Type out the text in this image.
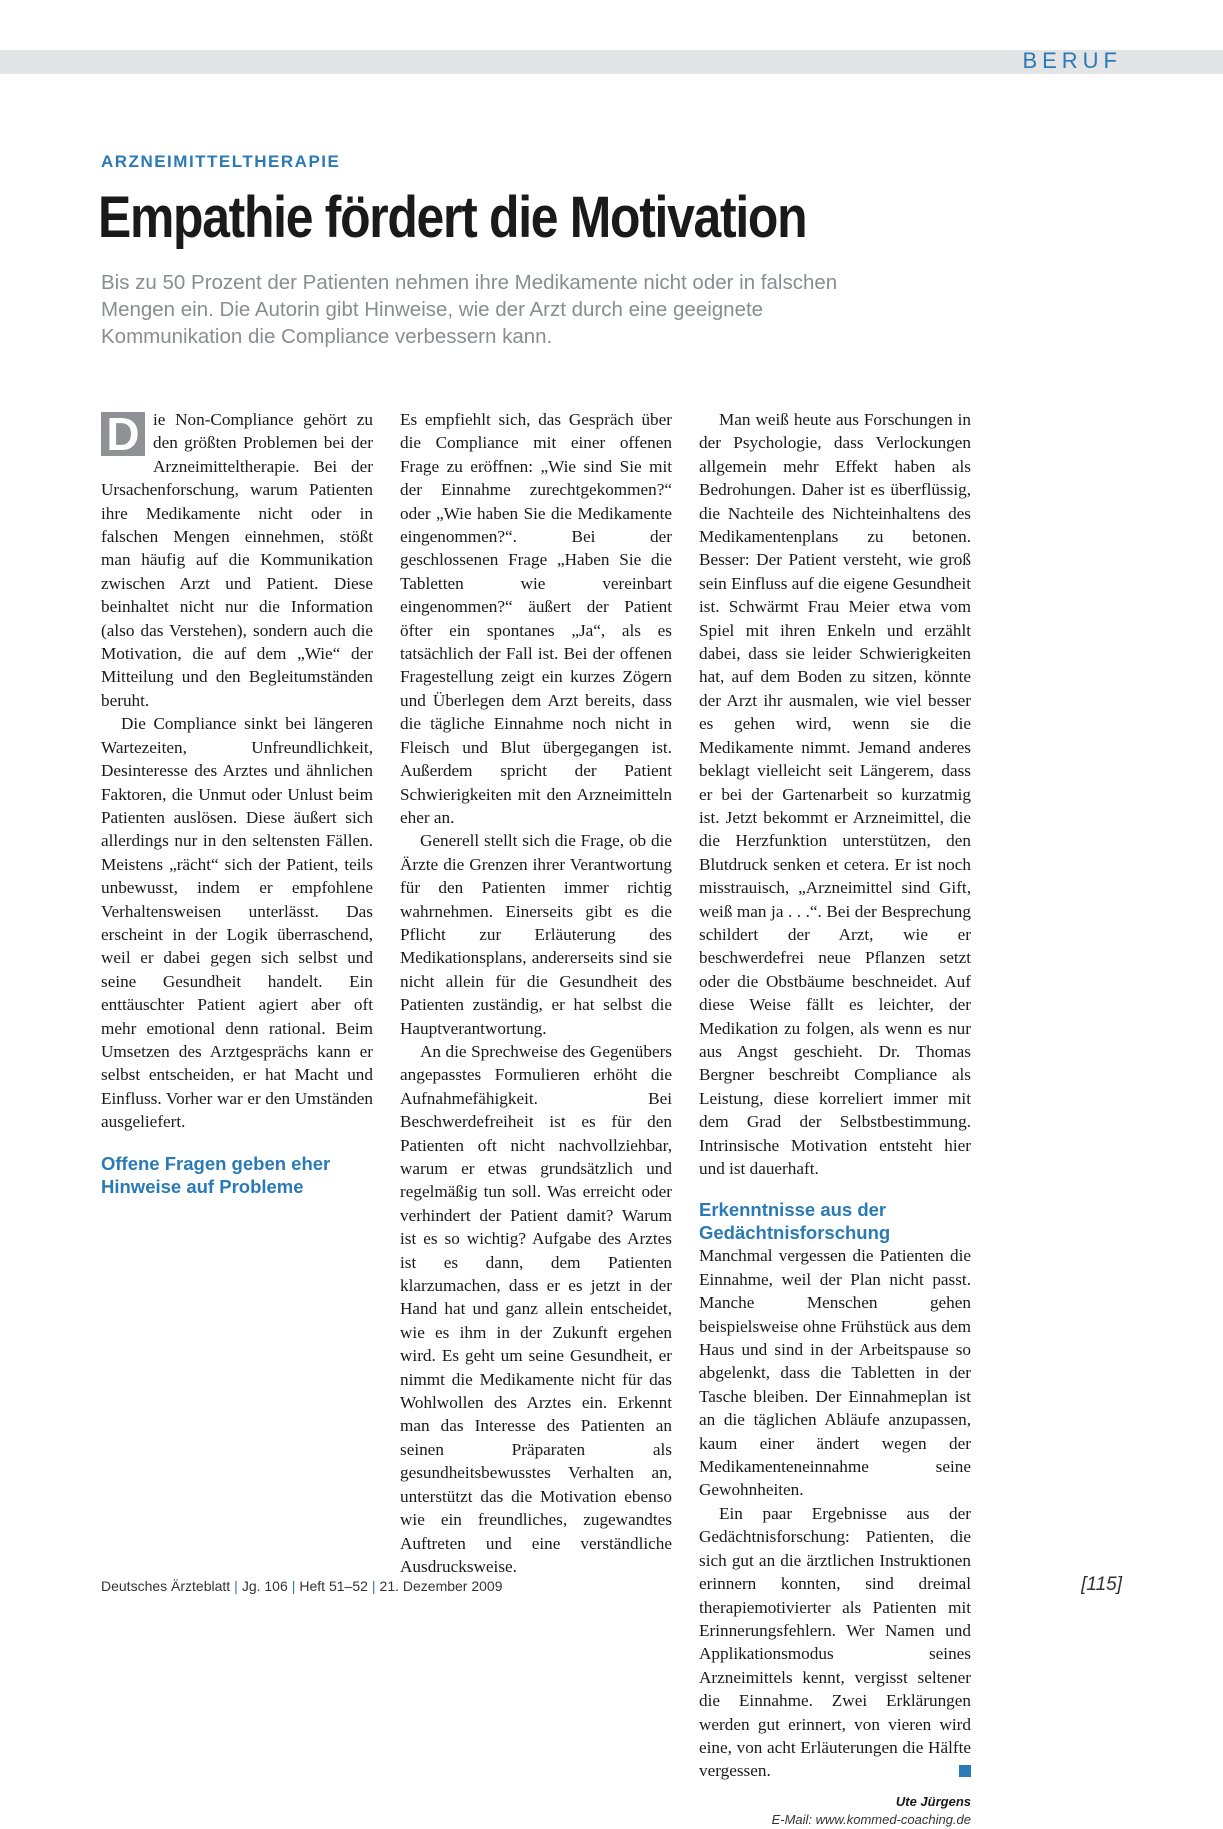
BERUF
ARZNEIMITTELTHERAPIE
Empathie fördert die Motivation

Bis zu 50 Prozent der Patienten nehmen ihre Medikamente nicht oder in falschen Mengen ein. Die Autorin gibt Hinweise, wie der Arzt durch eine geeignete Kommunikation die Compliance verbessern kann.

D ie Non-Compliance gehört zu den größten Problemen bei der Arzneimitteltherapie. Bei der Ursachenforschung, warum Patienten ihre Medikamente nicht oder in falschen Mengen einnehmen, stößt man häufig auf die Kommunikation zwischen Arzt und Patient. Diese beinhaltet nicht nur die Information (also das Verstehen), sondern auch die Motivation, die auf dem „Wie“ der Mitteilung und den Begleitumständen beruht.

Die Compliance sinkt bei längeren Wartezeiten, Unfreundlichkeit, Desinteresse des Arztes und ähnlichen Faktoren, die Unmut oder Unlust beim Patienten auslösen. Diese äußert sich allerdings nur in den seltensten Fällen. Meistens „rächt“ sich der Patient, teils unbewusst, indem er empfohlene Verhaltensweisen unterlässt. Das erscheint in der Logik überraschend, weil er dabei gegen sich selbst und seine Gesundheit handelt. Ein enttäuschter Patient agiert aber oft mehr emotional denn rational. Beim Umsetzen des Arztgesprächs kann er selbst entscheiden, er hat Macht und Einfluss. Vorher war er den Umständen ausgeliefert.

Offene Fragen geben eher Hinweise auf Probleme

Es empfiehlt sich, das Gespräch über die Compliance mit einer offenen Frage zu eröffnen: „Wie sind Sie mit der Einnahme zurechtgekommen?“ oder „Wie haben Sie die Medikamente eingenommen?“. Bei der geschlossenen Frage „Haben Sie die Tabletten wie vereinbart eingenommen?“ äußert der Patient öfter ein spontanes „Ja“, als es tatsächlich der Fall ist. Bei der offenen Fragestellung zeigt ein kurzes Zögern und Überlegen dem Arzt bereits, dass die tägliche Einnahme noch nicht in Fleisch und Blut übergegangen ist. Außerdem spricht der Patient Schwierigkeiten mit den Arzneimitteln eher an.

Generell stellt sich die Frage, ob die Ärzte die Grenzen ihrer Verantwortung für den Patienten immer richtig wahrnehmen. Einerseits gibt es die Pflicht zur Erläuterung des Medikationsplans, andererseits sind sie nicht allein für die Gesundheit des Patienten zuständig, er hat selbst die Hauptverantwortung.

An die Sprechweise des Gegenübers angepasstes Formulieren erhöht die Aufnahmefähigkeit. Bei Beschwerdefreiheit ist es für den Patienten oft nicht nachvollziehbar, warum er etwas grundsätzlich und regelmäßig tun soll. Was erreicht oder verhindert der Patient damit? Warum ist es so wichtig? Aufgabe des Arztes ist es dann, dem Patienten klarzumachen, dass er es jetzt in der Hand hat und ganz allein entscheidet, wie es ihm in der Zukunft ergehen wird. Es geht um seine Gesundheit, er nimmt die Medikamente nicht für das Wohlwollen des Arztes ein. Erkennt man das Interesse des Patienten an seinen Präparaten als gesundheitsbewusstes Verhalten an, unterstützt das die Motivation ebenso wie ein freundliches, zugewandtes Auftreten und eine verständliche Ausdrucksweise.

Man weiß heute aus Forschungen in der Psychologie, dass Verlockungen allgemein mehr Effekt haben als Bedrohungen. Daher ist es überflüssig, die Nachteile des Nichteinhaltens des Medikamentenplans zu betonen. Besser: Der Patient versteht, wie groß sein Einfluss auf die eigene Gesundheit ist. Schwärmt Frau Meier etwa vom Spiel mit ihren Enkeln und erzählt dabei, dass sie leider Schwierigkeiten hat, auf dem Boden zu sitzen, könnte der Arzt ihr ausmalen, wie viel besser es gehen wird, wenn sie die Medikamente nimmt. Jemand anderes beklagt vielleicht seit Längerem, dass er bei der Gartenarbeit so kurzatmig ist. Jetzt bekommt er Arzneimittel, die die Herzfunktion unterstützen, den Blutdruck senken et cetera. Er ist noch misstrauisch, „Arzneimittel sind Gift, weiß man ja . . .“. Bei der Besprechung schildert der Arzt, wie er beschwerdefrei neue Pflanzen setzt oder die Obstbäume beschneidet. Auf diese Weise fällt es leichter, der Medikation zu folgen, als wenn es nur aus Angst geschieht. Dr. Thomas Bergner beschreibt Compliance als Leistung, diese korreliert immer mit dem Grad der Selbstbestimmung. Intrinsische Motivation entsteht hier und ist dauerhaft.

Erkenntnisse aus der Gedächtnisforschung

Manchmal vergessen die Patienten die Einnahme, weil der Plan nicht passt. Manche Menschen gehen beispielsweise ohne Frühstück aus dem Haus und sind in der Arbeitspause so abgelenkt, dass die Tabletten in der Tasche bleiben. Der Einnahmeplan ist an die täglichen Abläufe anzupassen, kaum einer ändert wegen der Medikamenteneinnahme seine Gewohnheiten.

Ein paar Ergebnisse aus der Gedächtnisforschung: Patienten, die sich gut an die ärztlichen Instruktionen erinnern konnten, sind dreimal therapiemotivierter als Patienten mit Erinnerungsfehlern. Wer Namen und Applikationsmodus seines Arzneimittels kennt, vergisst seltener die Einnahme. Zwei Erklärungen werden gut erinnert, von vieren wird eine, von acht Erläuterungen die Hälfte vergessen.

Ute Jürgens
E-Mail: www.kommed-coaching.de
Deutsches Ärzteblatt | Jg. 106 | Heft 51–52 | 21. Dezember 2009	[115]
